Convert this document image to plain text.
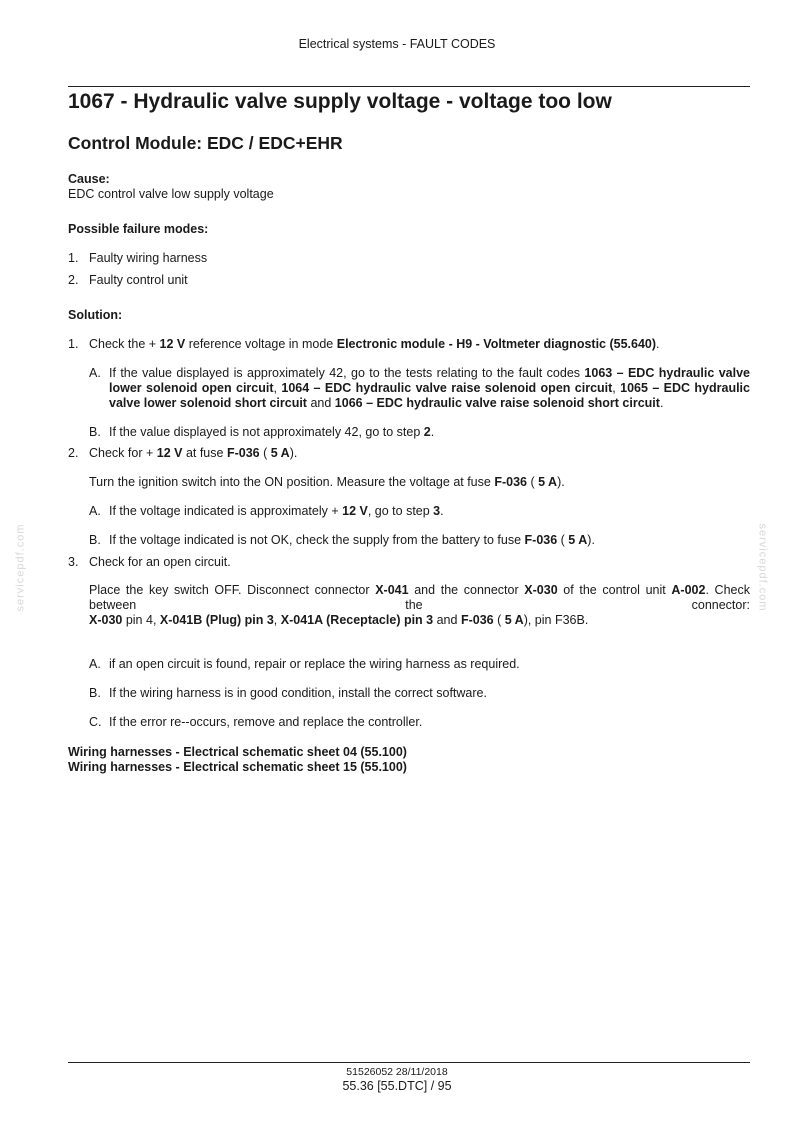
Electrical systems - FAULT CODES
1067 - Hydraulic valve supply voltage - voltage too low
Control Module: EDC / EDC+EHR
Cause:
EDC control valve low supply voltage
Possible failure modes:
1. Faulty wiring harness
2. Faulty control unit
Solution:
1. Check the + 12 V reference voltage in mode Electronic module - H9 - Voltmeter diagnostic (55.640).
A. If the value displayed is approximately 42, go to the tests relating to the fault codes 1063 – EDC hydraulic valve lower solenoid open circuit, 1064 – EDC hydraulic valve raise solenoid open circuit, 1065 – EDC hydraulic valve lower solenoid short circuit and 1066 – EDC hydraulic valve raise solenoid short circuit.
B. If the value displayed is not approximately 42, go to step 2.
2. Check for + 12 V at fuse F-036 ( 5 A).
Turn the ignition switch into the ON position. Measure the voltage at fuse F-036 ( 5 A).
A. If the voltage indicated is approximately + 12 V, go to step 3.
B. If the voltage indicated is not OK, check the supply from the battery to fuse F-036 ( 5 A).
3. Check for an open circuit.
Place the key switch OFF. Disconnect connector X-041 and the connector X-030 of the control unit A-002. Check between the connector:
X-030 pin 4, X-041B (Plug) pin 3, X-041A (Receptacle) pin 3 and F-036 ( 5 A), pin F36B.
A. if an open circuit is found, repair or replace the wiring harness as required.
B. If the wiring harness is in good condition, install the correct software.
C. If the error re--occurs, remove and replace the controller.
Wiring harnesses - Electrical schematic sheet 04 (55.100)
Wiring harnesses - Electrical schematic sheet 15 (55.100)
servicepdf.com	servicepdf.com
51526052 28/11/2018
55.36 [55.DTC] / 95
